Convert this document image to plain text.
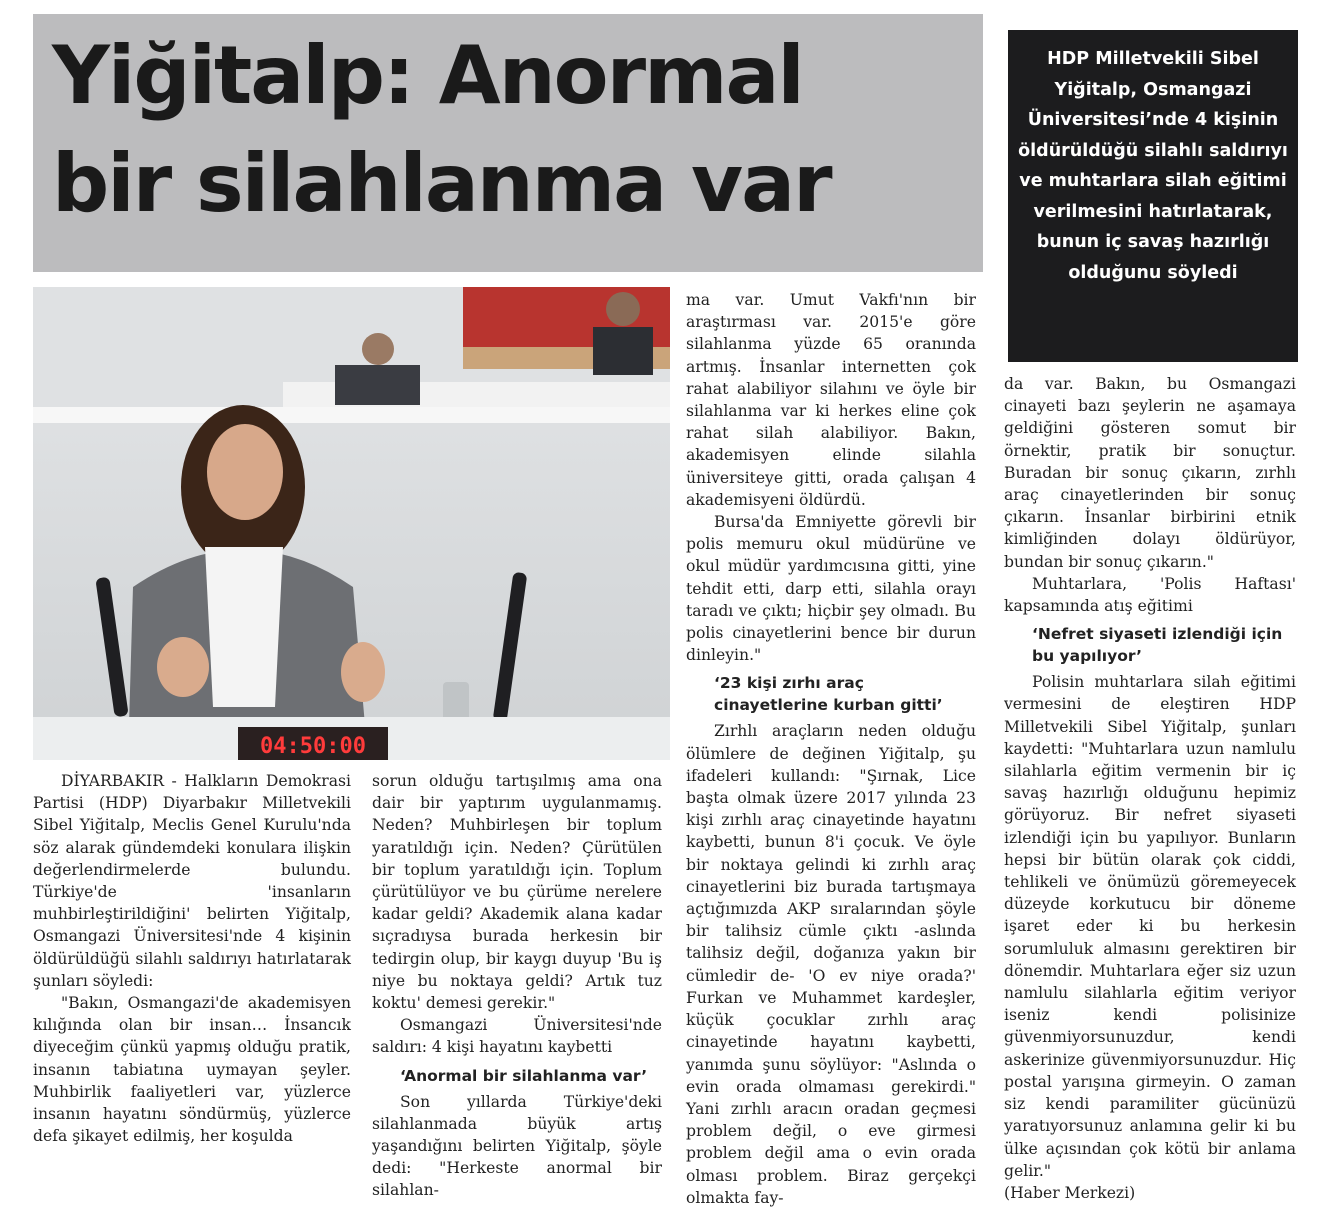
Yiğitalp: Anormal
bir silahlanma var

HDP Milletvekili Sibel Yiğitalp, Osmangazi Üniversitesi’nde 4 kişinin öldürüldüğü silahlı saldırıyı ve muhtarlara silah eğitimi verilmesini hatırlatarak, bunun iç savaş hazırlığı olduğunu söyledi

04:50:00

DİYARBAKIR - Halkların Demokrasi Partisi (HDP) Diyarbakır Milletvekili Sibel Yiğitalp, Meclis Genel Kurulu'nda söz alarak gündemdeki konulara ilişkin değerlendirmelerde bulundu. Türkiye'de 'insanların muhbirleştirildiğini' belirten Yiğitalp, Osmangazi Üniversitesi'nde 4 kişinin öldürüldüğü silahlı saldırıyı hatırlatarak şunları söyledi:

"Bakın, Osmangazi'de akademisyen kılığında olan bir insan… İnsancık diyeceğim çünkü yapmış olduğu pratik, insanın tabiatına uymayan şeyler. Muhbirlik faaliyetleri var, yüzlerce insanın hayatını söndürmüş, yüzlerce defa şikayet edilmiş, her koşulda

sorun olduğu tartışılmış ama ona dair bir yaptırım uygulanmamış. Neden? Muhbirleşen bir toplum yaratıldığı için. Neden? Çürütülen bir toplum yaratıldığı için. Toplum çürütülüyor ve bu çürüme nerelere kadar geldi? Akademik alana kadar sıçradıysa burada herkesin bir tedirgin olup, bir kaygı duyup 'Bu iş niye bu noktaya geldi? Artık tuz koktu' demesi gerekir."

Osmangazi Üniversitesi'nde saldırı: 4 kişi hayatını kaybetti

‘Anormal bir silahlanma var’

Son yıllarda Türkiye'deki silahlanmada büyük artış yaşandığını belirten Yiğitalp, şöyle dedi: "Herkeste anormal bir silahlan-

ma var. Umut Vakfı'nın bir araştırması var. 2015'e göre silahlanma yüzde 65 oranında artmış. İnsanlar internetten çok rahat alabiliyor silahını ve öyle bir silahlanma var ki herkes eline çok rahat silah alabiliyor. Bakın, akademisyen elinde silahla üniversiteye gitti, orada çalışan 4 akademisyeni öldürdü.

Bursa'da Emniyette görevli bir polis memuru okul müdürüne ve okul müdür yardımcısına gitti, yine tehdit etti, darp etti, silahla orayı taradı ve çıktı; hiçbir şey olmadı. Bu polis cinayetlerini bence bir durun dinleyin."

‘23 kişi zırhı araç cinayetlerine kurban gitti’

Zırhlı araçların neden olduğu ölümlere de değinen Yiğitalp, şu ifadeleri kullandı: "Şırnak, Lice başta olmak üzere 2017 yılında 23 kişi zırhlı araç cinayetinde hayatını kaybetti, bunun 8'i çocuk. Ve öyle bir noktaya gelindi ki zırhlı araç cinayetlerini biz burada tartışmaya açtığımızda AKP sıralarından şöyle bir talihsiz cümle çıktı -aslında talihsiz değil, doğanıza yakın bir cümledir de- 'O ev niye orada?' Furkan ve Muhammet kardeşler, küçük çocuklar zırhlı araç cinayetinde hayatını kaybetti, yanımda şunu söylüyor: "Aslında o evin orada olmaması gerekirdi." Yani zırhlı aracın oradan geçmesi problem değil, o eve girmesi problem değil ama o evin orada olması problem. Biraz gerçekçi olmakta fay-

da var. Bakın, bu Osmangazi cinayeti bazı şeylerin ne aşamaya geldiğini gösteren somut bir örnektir, pratik bir sonuçtur. Buradan bir sonuç çıkarın, zırhlı araç cinayetlerinden bir sonuç çıkarın. İnsanlar birbirini etnik kimliğinden dolayı öldürüyor, bundan bir sonuç çıkarın."

Muhtarlara, 'Polis Haftası' kapsamında atış eğitimi

‘Nefret siyaseti izlendiği için bu yapılıyor’

Polisin muhtarlara silah eğitimi vermesini de eleştiren HDP Milletvekili Sibel Yiğitalp, şunları kaydetti: "Muhtarlara uzun namlulu silahlarla eğitim vermenin bir iç savaş hazırlığı olduğunu hepimiz görüyoruz. Bir nefret siyaseti izlendiği için bu yapılıyor. Bunların hepsi bir bütün olarak çok ciddi, tehlikeli ve önümüzü göremeyecek düzeyde korkutucu bir döneme işaret eder ki bu herkesin sorumluluk almasını gerektiren bir dönemdir. Muhtarlara eğer siz uzun namlulu silahlarla eğitim veriyor iseniz kendi polisinize güvenmiyorsunuzdur, kendi askerinize güvenmiyorsunuzdur. Hiç postal yarışına girmeyin. O zaman siz kendi paramiliter gücünüzü yaratıyorsunuz anlamına gelir ki bu ülke açısından çok kötü bir anlama gelir."

(Haber Merkezi)
